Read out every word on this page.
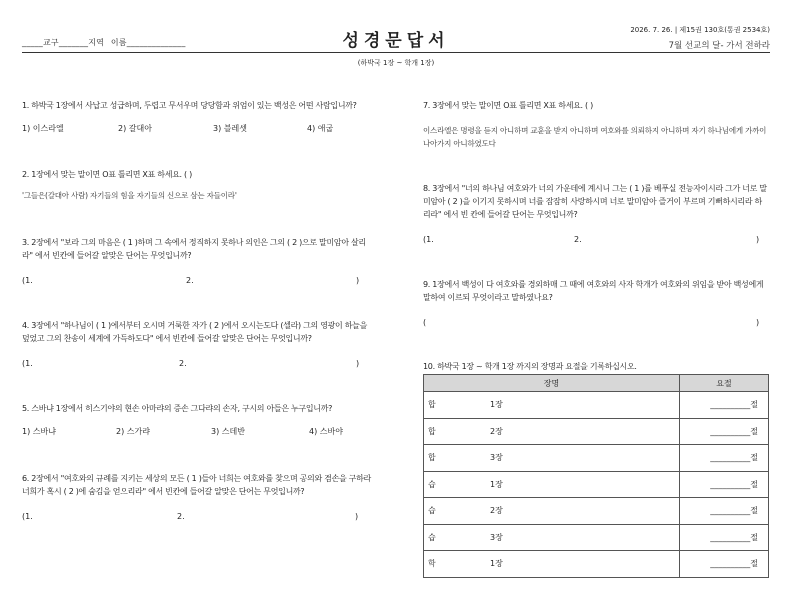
_____교구_______지역 이름______________	성경문답서
2026. 7. 26. | 제15권 130호(통권 2534호)
7월 선교의 달- 가서 전하라
(하박국 1장 ~ 학개 1장)
1. 하박국 1장에서 사납고 성급하며, 두렵고 무서우며 당당함과 위엄이 있는 백성은 어떤 사람입니까?
1) 이스라엘	2) 갈대아	3) 블레셋	4) 애굽
2. 1장에서 맞는 말이면 O표 틀리면 X표 하세요. ( )
'그들은(갈대아 사람) 자기들의 힘을 자기들의 신으로 삼는 자들이라'
3. 2장에서 "보라 그의 마음은 ( 1 )하며 그 속에서 정직하지 못하나 의인은 그의 ( 2 )으로 말미암아 살리라" 에서 빈칸에 들어갈 알맞은 단어는 무엇입니까?
(1.	2.	)
4. 3장에서 "하나님이 ( 1 )에서부터 오시며 거룩한 자가 ( 2 )에서 오시는도다 (셀라) 그의 영광이 하늘을 덮었고 그의 찬송이 세계에 가득하도다" 에서 빈칸에 들어갈 알맞은 단어는 무엇입니까?
(1.	2.	)
5. 스바냐 1장에서 히스기야의 현손 아마랴의 증손 그다랴의 손자, 구시의 아들은 누구입니까?
1) 스바냐	2) 스가랴	3) 스데반	4) 스바야
6. 2장에서 "여호와의 규례를 지키는 세상의 모든 ( 1 )들아 너희는 여호와를 찾으며 공의와 겸손을 구하라 너희가 혹시 ( 2 )에 숨김을 얻으리라" 에서 빈칸에 들어갈 알맞은 단어는 무엇입니까?
(1.	2.	)
7. 3장에서 맞는 말이면 O표 틀리면 X표 하세요. ( )
이스라엘은 명령을 듣지 아니하며 교훈을 받지 아니하며 여호와를 의뢰하지 아니하며 자기 하나님에게 가까이 나아가지 아니하였도다
8. 3장에서 "너의 하나님 여호와가 너의 가운데에 계시니 그는 ( 1 )를 베푸실 전능자이시라 그가 너로 말미암아 ( 2 )을 이기지 못하시며 너를 잠잠히 사랑하시며 너로 말미암아 즐거이 부르며 기뻐하시리라 하리라" 에서 빈 칸에 들어갈 단어는 무엇입니까?
(1.	2.	)
9. 1장에서 백성이 다 여호와를 경외하매 그 때에 여호와의 사자 학개가 여호와의 위임을 받아 백성에게 말하여 이르되 무엇이라고 말하였나요?
(	)
10. 하박국 1장 ~ 학개 1장 까지의 장명과 요절을 기록하십시오.
장명		요절
합	1장	__________절
합	2장	__________절
합	3장	__________절
습	1장	__________절
습	2장	__________절
습	3장	__________절
학	1장	__________절
